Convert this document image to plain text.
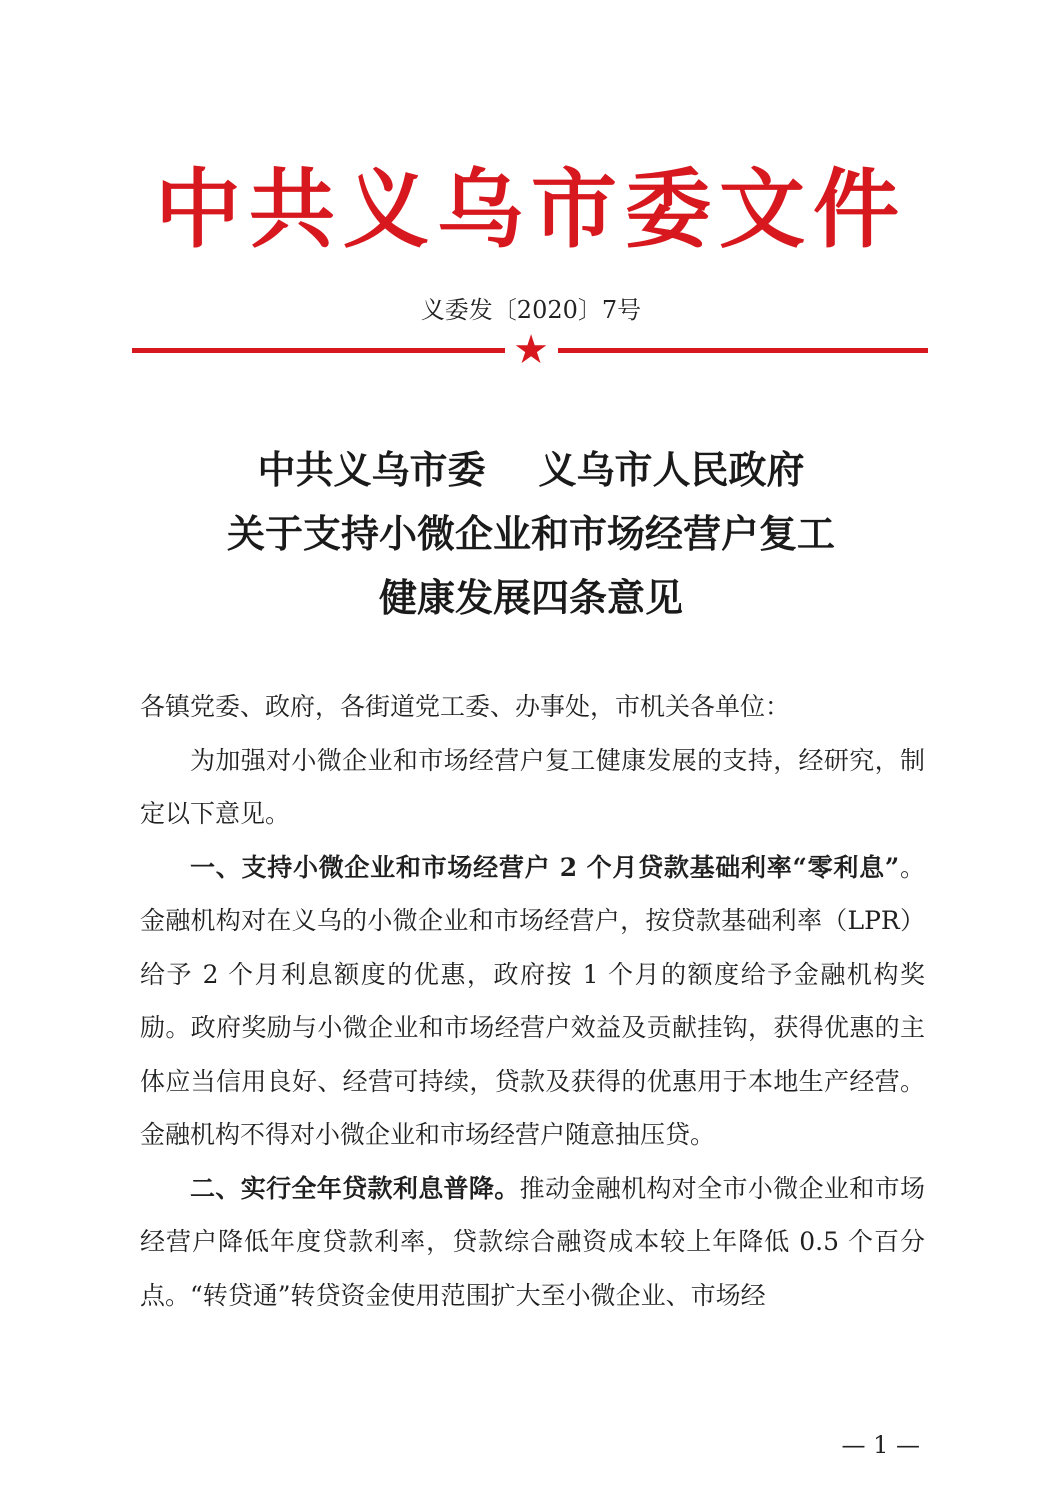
中共义乌市委文件
义委发〔2020〕7号
★
中共义乌市委    义乌市人民政府
关于支持小微企业和市场经营户复工
健康发展四条意见

各镇党委、政府，各街道党工委、办事处，市机关各单位：

为加强对小微企业和市场经营户复工健康发展的支持，经研究，制定以下意见。

一、支持小微企业和市场经营户 2 个月贷款基础利率“零利息”。金融机构对在义乌的小微企业和市场经营户，按贷款基础利率（LPR）给予 2 个月利息额度的优惠，政府按 1 个月的额度给予金融机构奖励。政府奖励与小微企业和市场经营户效益及贡献挂钩，获得优惠的主体应当信用良好、经营可持续，贷款及获得的优惠用于本地生产经营。金融机构不得对小微企业和市场经营户随意抽压贷。

二、实行全年贷款利息普降。推动金融机构对全市小微企业和市场经营户降低年度贷款利率，贷款综合融资成本较上年降低 0.5 个百分点。“转贷通”转贷资金使用范围扩大至小微企业、市场经

— 1 —
